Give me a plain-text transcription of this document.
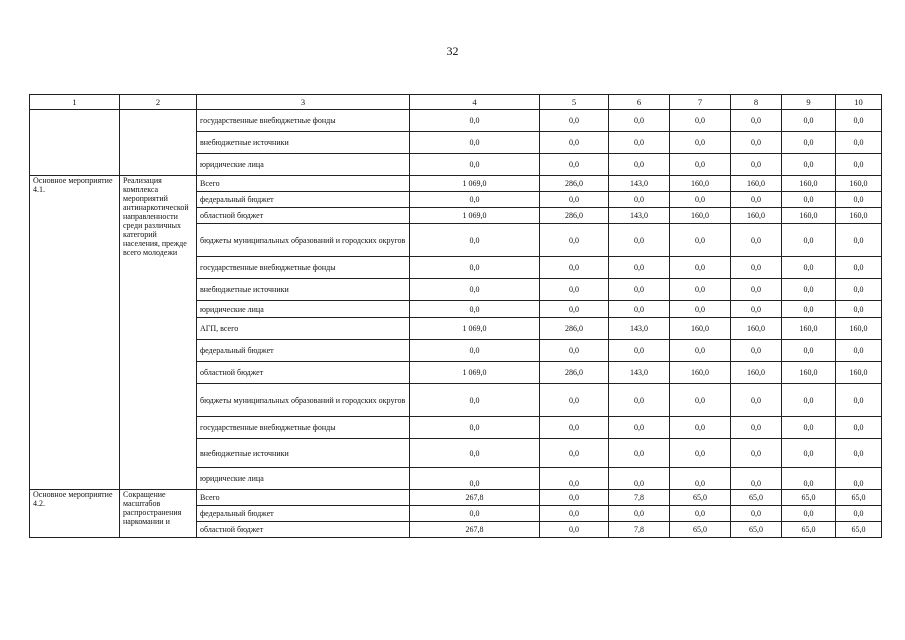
32
1	2	3	4	5	6	7	8	9	10
		государственные внебюджетные фонды	0,0	0,0	0,0	0,0	0,0	0,0	0,0
		внебюджетные источники	0,0	0,0	0,0	0,0	0,0	0,0	0,0
		юридические лица	0,0	0,0	0,0	0,0	0,0	0,0	0,0
Основное мероприятие 4.1.	Реализация комплекса мероприятий антинаркотической направленности среди различных категорий населения, прежде всего молодежи	Всего	1 069,0	286,0	143,0	160,0	160,0	160,0	160,0
		федеральный бюджет	0,0	0,0	0,0	0,0	0,0	0,0	0,0
		областной бюджет	1 069,0	286,0	143,0	160,0	160,0	160,0	160,0
		бюджеты муниципальных образований и городских округов	0,0	0,0	0,0	0,0	0,0	0,0	0,0
		государственные внебюджетные фонды	0,0	0,0	0,0	0,0	0,0	0,0	0,0
		внебюджетные источники	0,0	0,0	0,0	0,0	0,0	0,0	0,0
		юридические лица	0,0	0,0	0,0	0,0	0,0	0,0	0,0
		АГП, всего	1 069,0	286,0	143,0	160,0	160,0	160,0	160,0
		федеральный бюджет	0,0	0,0	0,0	0,0	0,0	0,0	0,0
		областной бюджет	1 069,0	286,0	143,0	160,0	160,0	160,0	160,0
		бюджеты муниципальных образований и городских округов	0,0	0,0	0,0	0,0	0,0	0,0	0,0
		государственные внебюджетные фонды	0,0	0,0	0,0	0,0	0,0	0,0	0,0
		внебюджетные источники	0,0	0,0	0,0	0,0	0,0	0,0	0,0
		юридические лица	0,0	0,0	0,0	0,0	0,0	0,0	0,0
Основное мероприятие 4.2.	Сокращение масштабов распространения наркомании и	Всего	267,8	0,0	7,8	65,0	65,0	65,0	65,0
		федеральный бюджет	0,0	0,0	0,0	0,0	0,0	0,0	0,0
		областной бюджет	267,8	0,0	7,8	65,0	65,0	65,0	65,0
